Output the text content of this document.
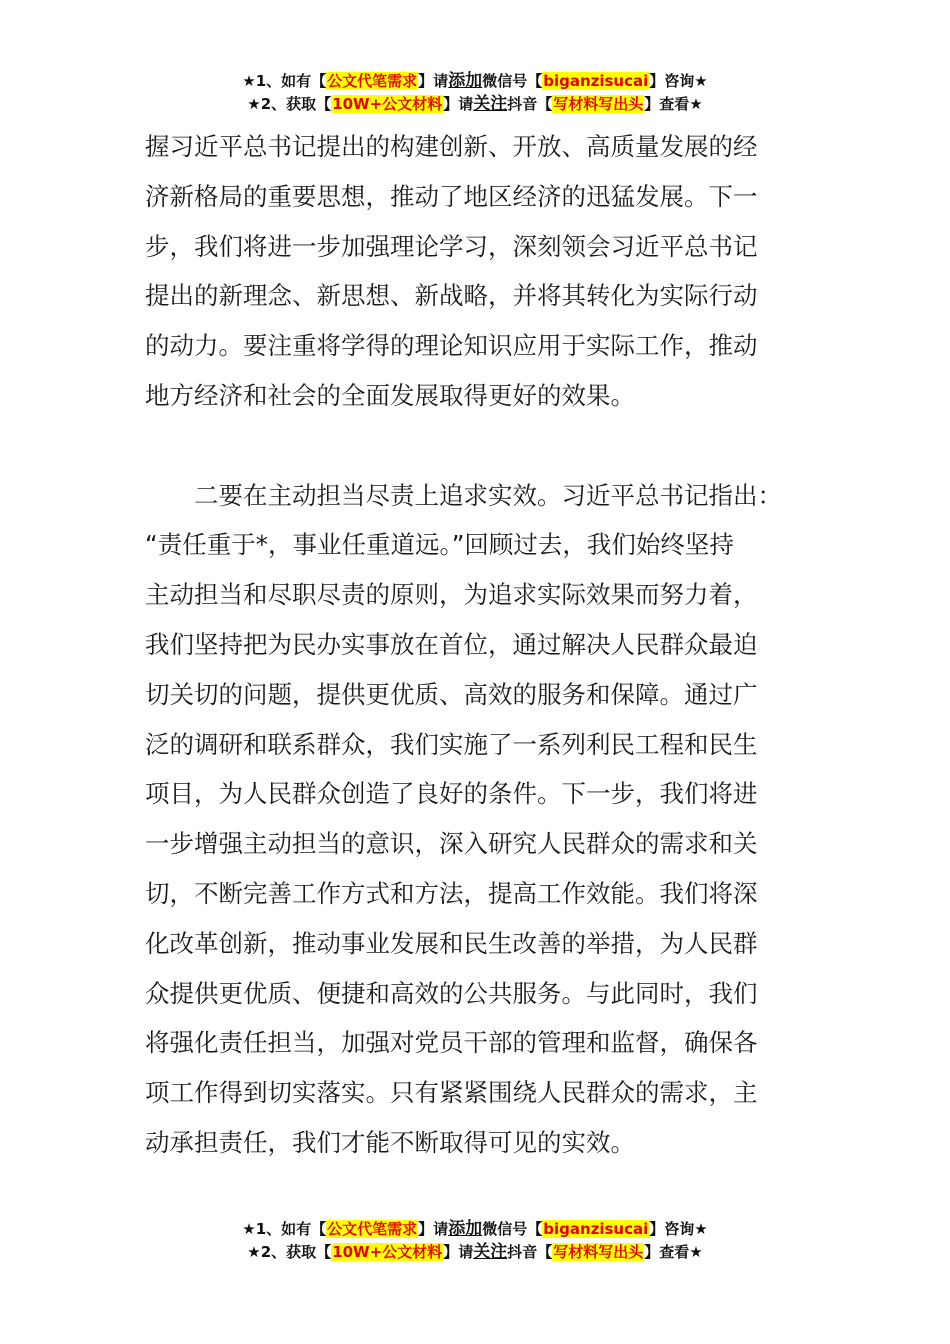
★1、如有【公文代笔需求】请添加微信号【biganzisucai】咨询★
★2、获取【10W+公文材料】请关注抖音【写材料写出头】查看★
握习近平总书记提出的构建创新、开放、高质量发展的经
济新格局的重要思想，推动了地区经济的迅猛发展。下一
步，我们将进一步加强理论学习，深刻领会习近平总书记
提出的新理念、新思想、新战略，并将其转化为实际行动
的动力。要注重将学得的理论知识应用于实际工作，推动
地方经济和社会的全面发展取得更好的效果。
二要在主动担当尽责上追求实效。习近平总书记指出：
“责任重于*，事业任重道远。”回顾过去，我们始终坚持
主动担当和尽职尽责的原则，为追求实际效果而努力着，
我们坚持把为民办实事放在首位，通过解决人民群众最迫
切关切的问题，提供更优质、高效的服务和保障。通过广
泛的调研和联系群众，我们实施了一系列利民工程和民生
项目，为人民群众创造了良好的条件。下一步，我们将进
一步增强主动担当的意识，深入研究人民群众的需求和关
切，不断完善工作方式和方法，提高工作效能。我们将深
化改革创新，推动事业发展和民生改善的举措，为人民群
众提供更优质、便捷和高效的公共服务。与此同时，我们
将强化责任担当，加强对党员干部的管理和监督，确保各
项工作得到切实落实。只有紧紧围绕人民群众的需求，主
动承担责任，我们才能不断取得可见的实效。
★1、如有【公文代笔需求】请添加微信号【biganzisucai】咨询★
★2、获取【10W+公文材料】请关注抖音【写材料写出头】查看★
